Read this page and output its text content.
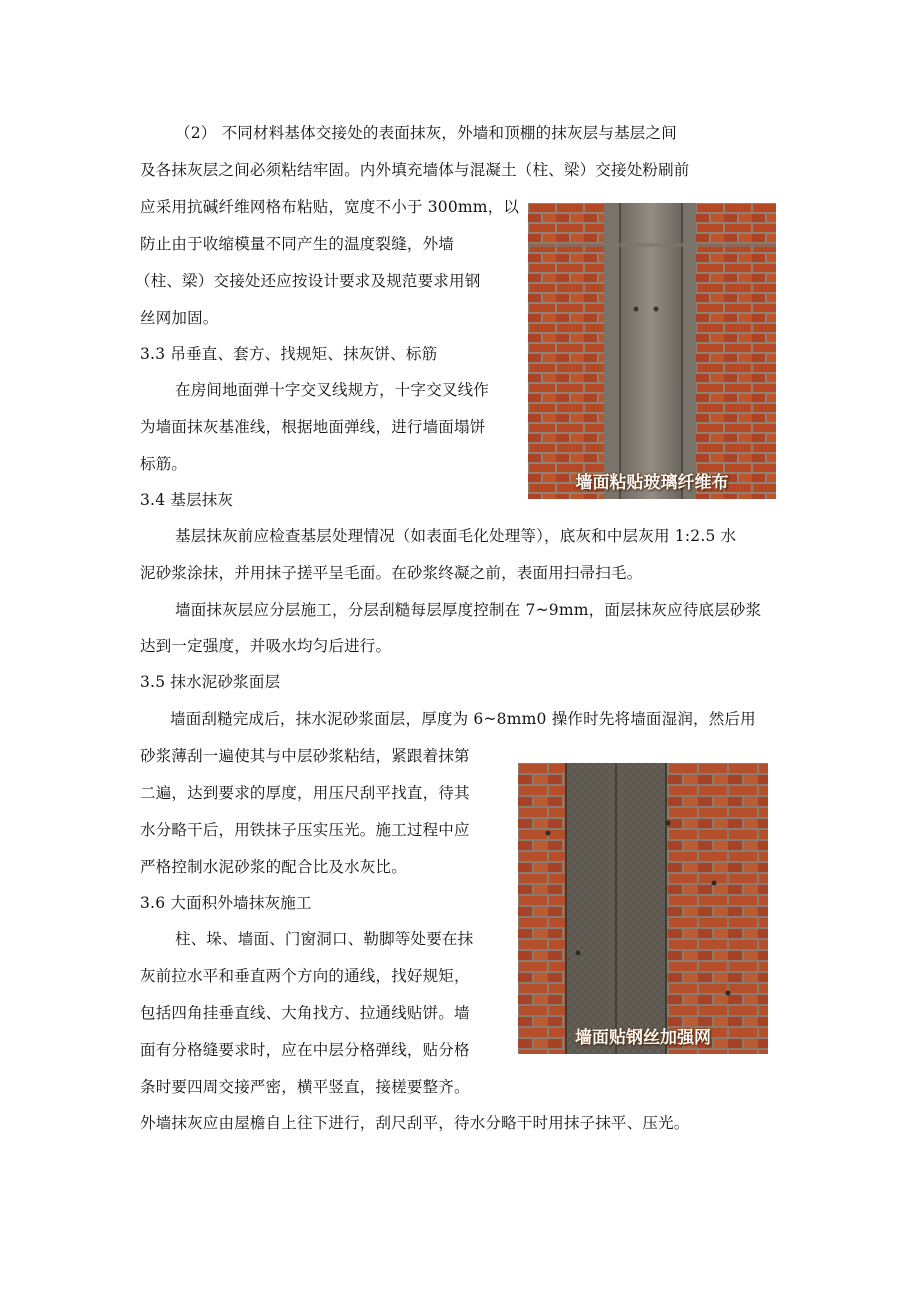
（2） 不同材料基体交接处的表面抹灰，外墙和顶棚的抹灰层与基层之间
及各抹灰层之间必须粘结牢固。内外填充墙体与混凝土（柱、梁）交接处粉刷前
应采用抗碱纤维网格布粘贴，宽度不小于 300mm，以
防止由于收缩模量不同产生的温度裂缝，外墙
（柱、梁）交接处还应按设计要求及规范要求用钢
丝网加固。
3.3 吊垂直、套方、找规矩、抹灰饼、标筋
在房间地面弹十字交叉线规方，十字交叉线作
为墙面抹灰基准线，根据地面弹线，进行墙面塌饼
标筋。
3.4 基层抹灰
基层抹灰前应检查基层处理情况（如表面毛化处理等），底灰和中层灰用 1:2.5 水
泥砂浆涂抹，并用抹子搓平呈毛面。在砂浆终凝之前，表面用扫帚扫毛。
墙面抹灰层应分层施工，分层刮糙每层厚度控制在 7~9mm，面层抹灰应待底层砂浆
达到一定强度，并吸水均匀后进行。
3.5 抹水泥砂浆面层
墙面刮糙完成后，抹水泥砂浆面层，厚度为 6~8mm0 操作时先将墙面湿润，然后用
砂浆薄刮一遍使其与中层砂浆粘结，紧跟着抹第
二遍，达到要求的厚度，用压尺刮平找直，待其
水分略干后，用铁抹子压实压光。施工过程中应
严格控制水泥砂浆的配合比及水灰比。
3.6 大面积外墙抹灰施工
柱、垛、墙面、门窗洞口、勒脚等处要在抹
灰前拉水平和垂直两个方向的通线，找好规矩，
包括四角挂垂直线、大角找方、拉通线贴饼。墙
面有分格缝要求时，应在中层分格弹线，贴分格
条时要四周交接严密，横平竖直，接槎要整齐。
外墙抹灰应由屋檐自上往下进行，刮尺刮平，待水分略干时用抹子抹平、压光。
墙面粘贴玻璃纤维布
墙面贴钢丝加强网
